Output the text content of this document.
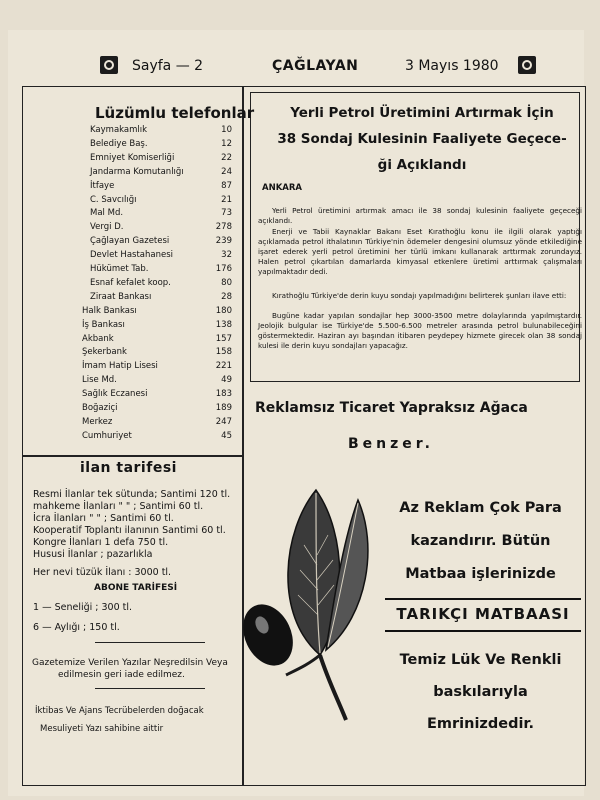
Sayfa — 2	ÇAĞLAYAN	3 Mayıs 1980
Lüzümlu telefonlar
Kaymakamlık	10
Belediye Baş.	12
Emniyet Komiserliği	22
Jandarma Komutanlığı	24
İtfaye	87
C. Savcılığı	21
Mal Md.	73
Vergi D.	278
Çağlayan Gazetesi	239
Devlet Hastahanesi	32
Hükümet Tab.	176
Esnaf kefalet koop.	80
Ziraat Bankası	28
Halk Bankası	180
İş Bankası	138
Akbank	157
Şekerbank	158
İmam Hatip Lisesi	221
Lise Md.	49
Sağlık Eczanesi	183
Boğaziçi	189
Merkez	247
Cumhuriyet	45
ilan tarifesi
Resmi İlanlar tek sütunda; Santimi 120 tl.
mahkeme İlanları " " ; Santimi 60 tl.
İcra İlanları " " ; Santimi 60 tl.
Kooperatif Toplantı ilanının Santimi 60 tl.
Kongre İlanları 1 defa 750 tl.
Hususi İlanlar ; pazarlıkla
Her nevi tüzük İlanı : 3000 tl.
ABONE TARİFESİ
1 — Seneliği ; 300 tl.
6 — Aylığı ; 150 tl.
Gazetemize Verilen Yazılar Neşredilsin Veya
edilmesin geri iade edilmez.
İktibas Ve Ajans Tecrübelerden doğacak
Mesuliyeti Yazı sahibine aittir
Yerli Petrol Üretimini Artırmak İçin
38 Sondaj Kulesinin Faaliyete Geçece-
ği Açıklandı
ANKARA
Yerli Petrol üretimini artırmak amacı ile 38 sondaj kulesinin faaliyete geçeceği açıklandı.
Enerji ve Tabii Kaynaklar Bakanı Eset Kırathoğlu konu ile ilgili olarak yaptığı açıklamada petrol ithalatının Türkiye'nin ödemeler dengesini olumsuz yönde etkilediğine işaret ederek yerli petrol üretimini her türlü imkanı kullanarak arttırmak zorundayız. Halen petrol çıkartılan damarlarda kimyasal etkenlere üretimi arttırmak çalışmaları yapılmaktadır dedi.
Kırathoğlu Türkiye'de derin kuyu sondajı yapılmadığını belirterek şunları ilave etti:
Bugüne kadar yapılan sondajlar hep 3000-3500 metre dolaylarında yapılmıştardır. Jeolojik bulgular ise Türkiye'de 5.500-6.500 metreler arasında petrol bulunabileceğini göstermektedir. Haziran ayı başından itibaren peydepey hizmete girecek olan 38 sondaj kulesi ile derin kuyu sondajları yapacağız.
Reklamsız Ticaret Yapraksız Ağaca
Benzer.
Az Reklam Çok Para
kazandırır. Bütün
Matbaa işlerinizde
TARIKÇI MATBAASI
Temiz Lük Ve Renkli
baskılarıyla
Emrinizdedir.
